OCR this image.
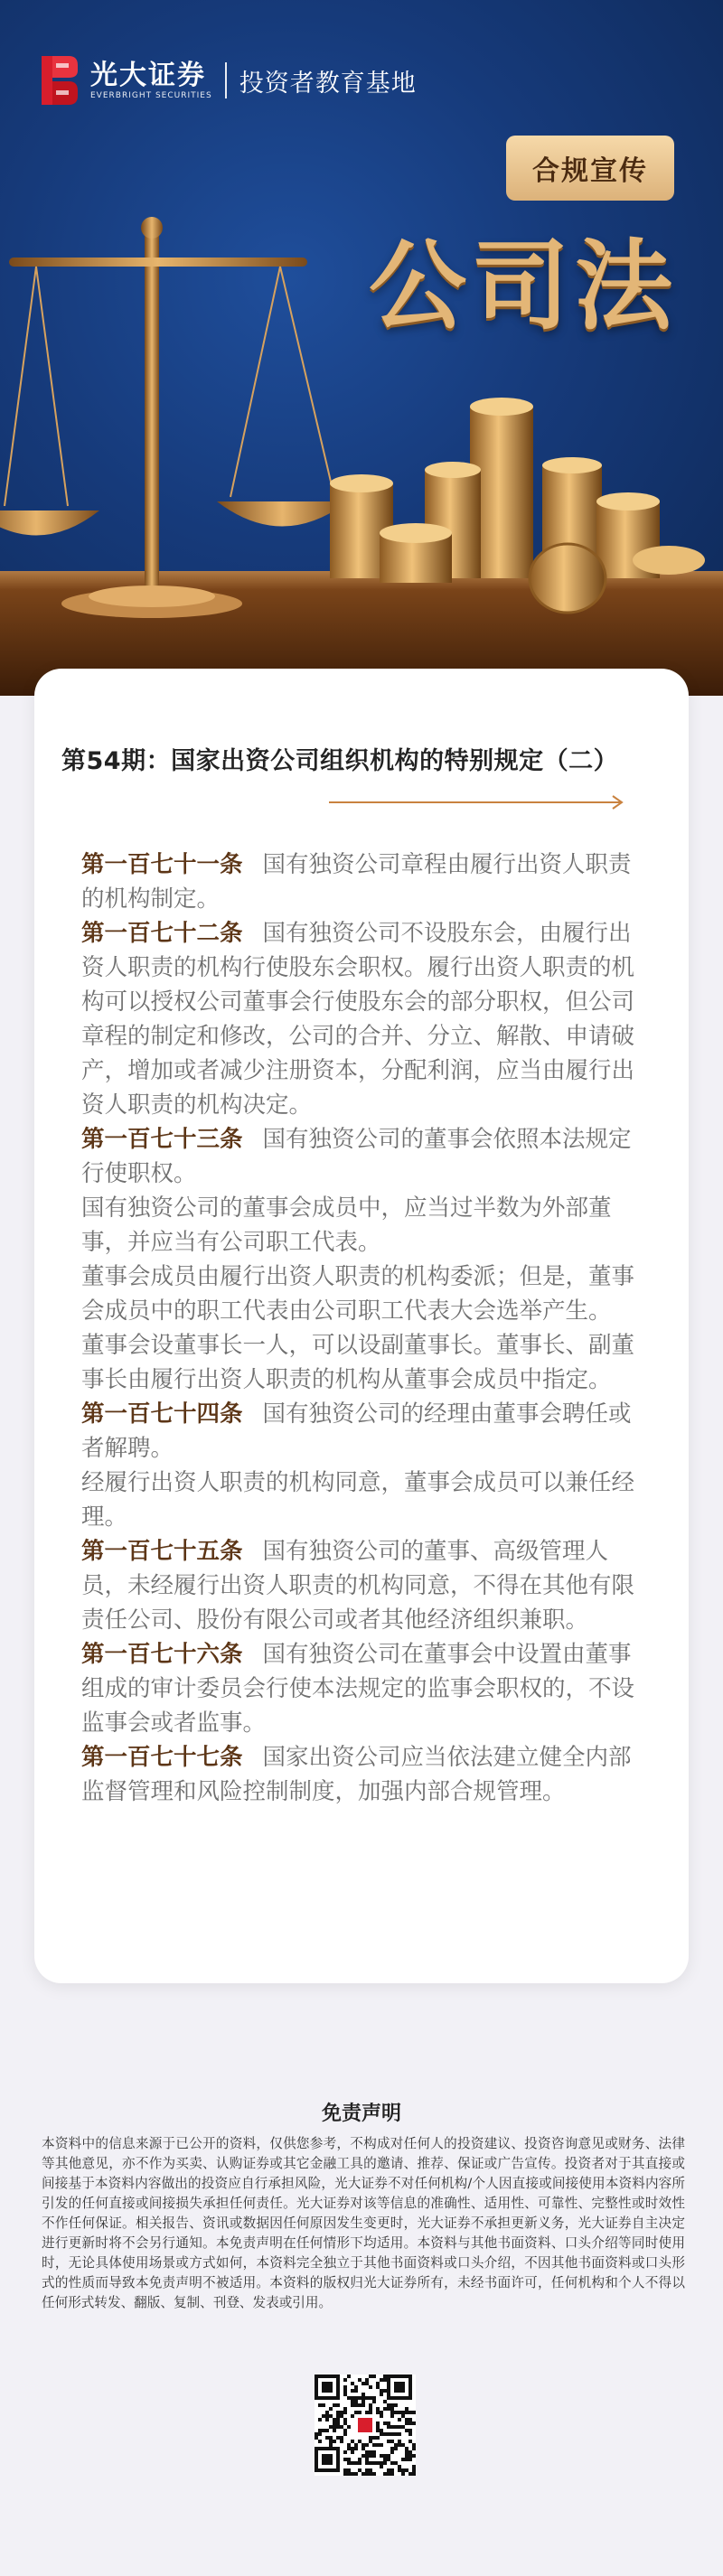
光大证券
EVERBRIGHT SECURITIES 投资者教育基地
合规宣传
公司法
第54期：国家出资公司组织机构的特别规定（二）

第一百七十一条 国有独资公司章程由履行出资人职责的机构制定。

第一百七十二条 国有独资公司不设股东会，由履行出资人职责的机构行使股东会职权。履行出资人职责的机构可以授权公司董事会行使股东会的部分职权，但公司章程的制定和修改，公司的合并、分立、解散、申请破产，增加或者减少注册资本，分配利润，应当由履行出资人职责的机构决定。

第一百七十三条 国有独资公司的董事会依照本法规定行使职权。

国有独资公司的董事会成员中，应当过半数为外部董事，并应当有公司职工代表。

董事会成员由履行出资人职责的机构委派；但是，董事会成员中的职工代表由公司职工代表大会选举产生。

董事会设董事长一人，可以设副董事长。董事长、副董事长由履行出资人职责的机构从董事会成员中指定。

第一百七十四条 国有独资公司的经理由董事会聘任或者解聘。

经履行出资人职责的机构同意，董事会成员可以兼任经理。

第一百七十五条 国有独资公司的董事、高级管理人员，未经履行出资人职责的机构同意，不得在其他有限责任公司、股份有限公司或者其他经济组织兼职。

第一百七十六条 国有独资公司在董事会中设置由董事组成的审计委员会行使本法规定的监事会职权的，不设监事会或者监事。

第一百七十七条 国家出资公司应当依法建立健全内部监督管理和风险控制制度，加强内部合规管理。

免责声明
本资料中的信息来源于已公开的资料，仅供您参考，不构成对任何人的投资建议、投资咨询意见或财务、法律等其他意见，亦不作为买卖、认购证券或其它金融工具的邀请、推荐、保证或广告宣传。投资者对于其直接或间接基于本资料内容做出的投资应自行承担风险，光大证券不对任何机构/个人因直接或间接使用本资料内容所引发的任何直接或间接损失承担任何责任。光大证券对该等信息的准确性、适用性、可靠性、完整性或时效性不作任何保证。相关报告、资讯或数据因任何原因发生变更时，光大证券不承担更新义务，光大证券自主决定进行更新时将不会另行通知。本免责声明在任何情形下均适用。本资料与其他书面资料、口头介绍等同时使用时，无论具体使用场景或方式如何，本资料完全独立于其他书面资料或口头介绍，不因其他书面资料或口头形式的性质而导致本免责声明不被适用。本资料的版权归光大证券所有，未经书面许可，任何机构和个人不得以任何形式转发、翻版、复制、刊登、发表或引用。
